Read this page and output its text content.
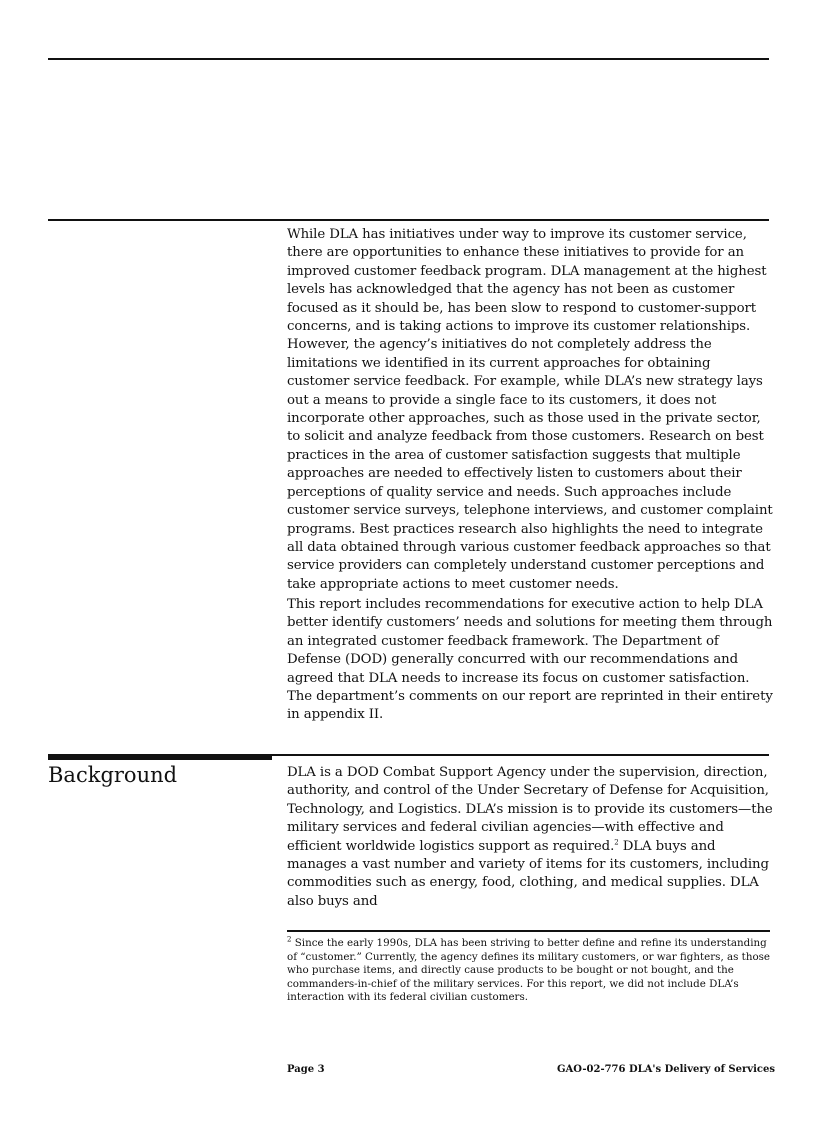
While DLA has initiatives under way to improve its customer service, there are opportunities to enhance these initiatives to provide for an improved customer feedback program. DLA management at the highest levels has acknowledged that the agency has not been as customer focused as it should be, has been slow to respond to customer-support concerns, and is taking actions to improve its customer relationships. However, the agency’s initiatives do not completely address the limitations we identified in its current approaches for obtaining customer service feedback. For example, while DLA’s new strategy lays out a means to provide a single face to its customers, it does not incorporate other approaches, such as those used in the private sector, to solicit and analyze feedback from those customers. Research on best practices in the area of customer satisfaction suggests that multiple approaches are needed to effectively listen to customers about their perceptions of quality service and needs. Such approaches include customer service surveys, telephone interviews, and customer complaint programs. Best practices research also highlights the need to integrate all data obtained through various customer feedback approaches so that service providers can completely understand customer perceptions and take appropriate actions to meet customer needs.

This report includes recommendations for executive action to help DLA better identify customers’ needs and solutions for meeting them through an integrated customer feedback framework. The Department of Defense (DOD) generally concurred with our recommendations and agreed that DLA needs to increase its focus on customer satisfaction. The department’s comments on our report are reprinted in their entirety in appendix II.

Background	DLA is a DOD Combat Support Agency under the supervision, direction, authority, and control of the Under Secretary of Defense for Acquisition, Technology, and Logistics. DLA’s mission is to provide its customers—the military services and federal civilian agencies—with effective and efficient worldwide logistics support as required.$^2$ DLA buys and manages a vast number and variety of items for its customers, including commodities such as energy, food, clothing, and medical supplies. DLA also buys and

$^2$ Since the early 1990s, DLA has been striving to better define and refine its understanding of “customer.” Currently, the agency defines its military customers, or war fighters, as those who purchase items, and directly cause products to be bought or not bought, and the commanders-in-chief of the military services. For this report, we did not include DLA’s interaction with its federal civilian customers.
Page 3	GAO-02-776 DLA's Delivery of Services
